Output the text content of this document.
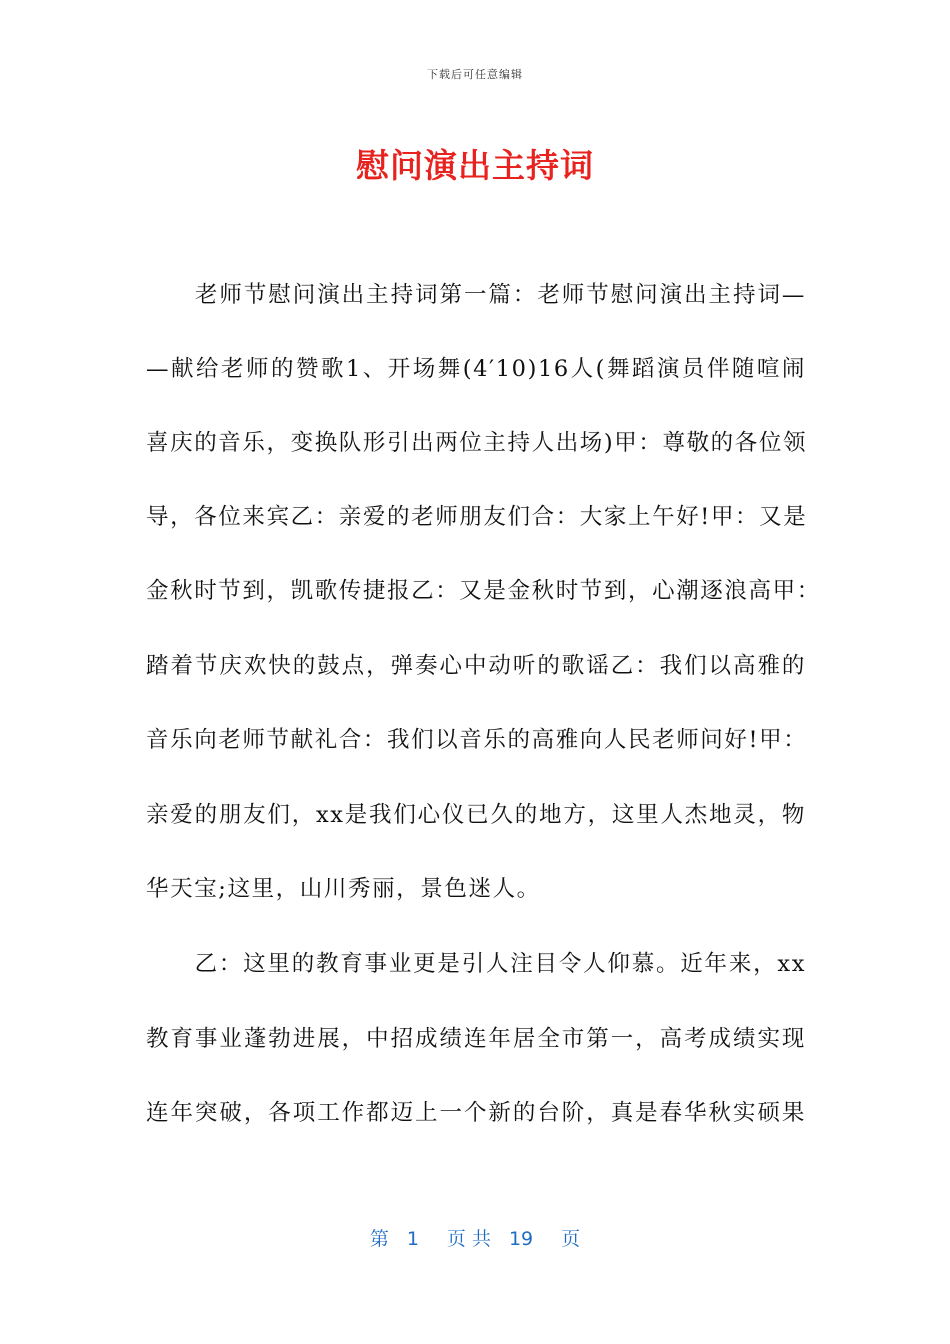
下载后可任意编辑
慰问演出主持词
　　老师节慰问演出主持词第一篇：老师节慰问演出主持词—
—献给老师的赞歌1、开场舞(4′10)16人(舞蹈演员伴随喧闹
喜庆的音乐，变换队形引出两位主持人出场)甲：尊敬的各位领
导，各位来宾乙：亲爱的老师朋友们合：大家上午好!甲：又是
金秋时节到，凯歌传捷报乙：又是金秋时节到，心潮逐浪高甲：
踏着节庆欢快的鼓点，弹奏心中动听的歌谣乙：我们以高雅的
音乐向老师节献礼合：我们以音乐的高雅向人民老师问好!甲：
亲爱的朋友们，xx是我们心仪已久的地方，这里人杰地灵，物
华天宝;这里，山川秀丽，景色迷人。
　　乙：这里的教育事业更是引人注目令人仰慕。近年来，xx
教育事业蓬勃进展，中招成绩连年居全市第一，高考成绩实现
连年突破，各项工作都迈上一个新的台阶，真是春华秋实硕果
第 1 页 共 19 页
